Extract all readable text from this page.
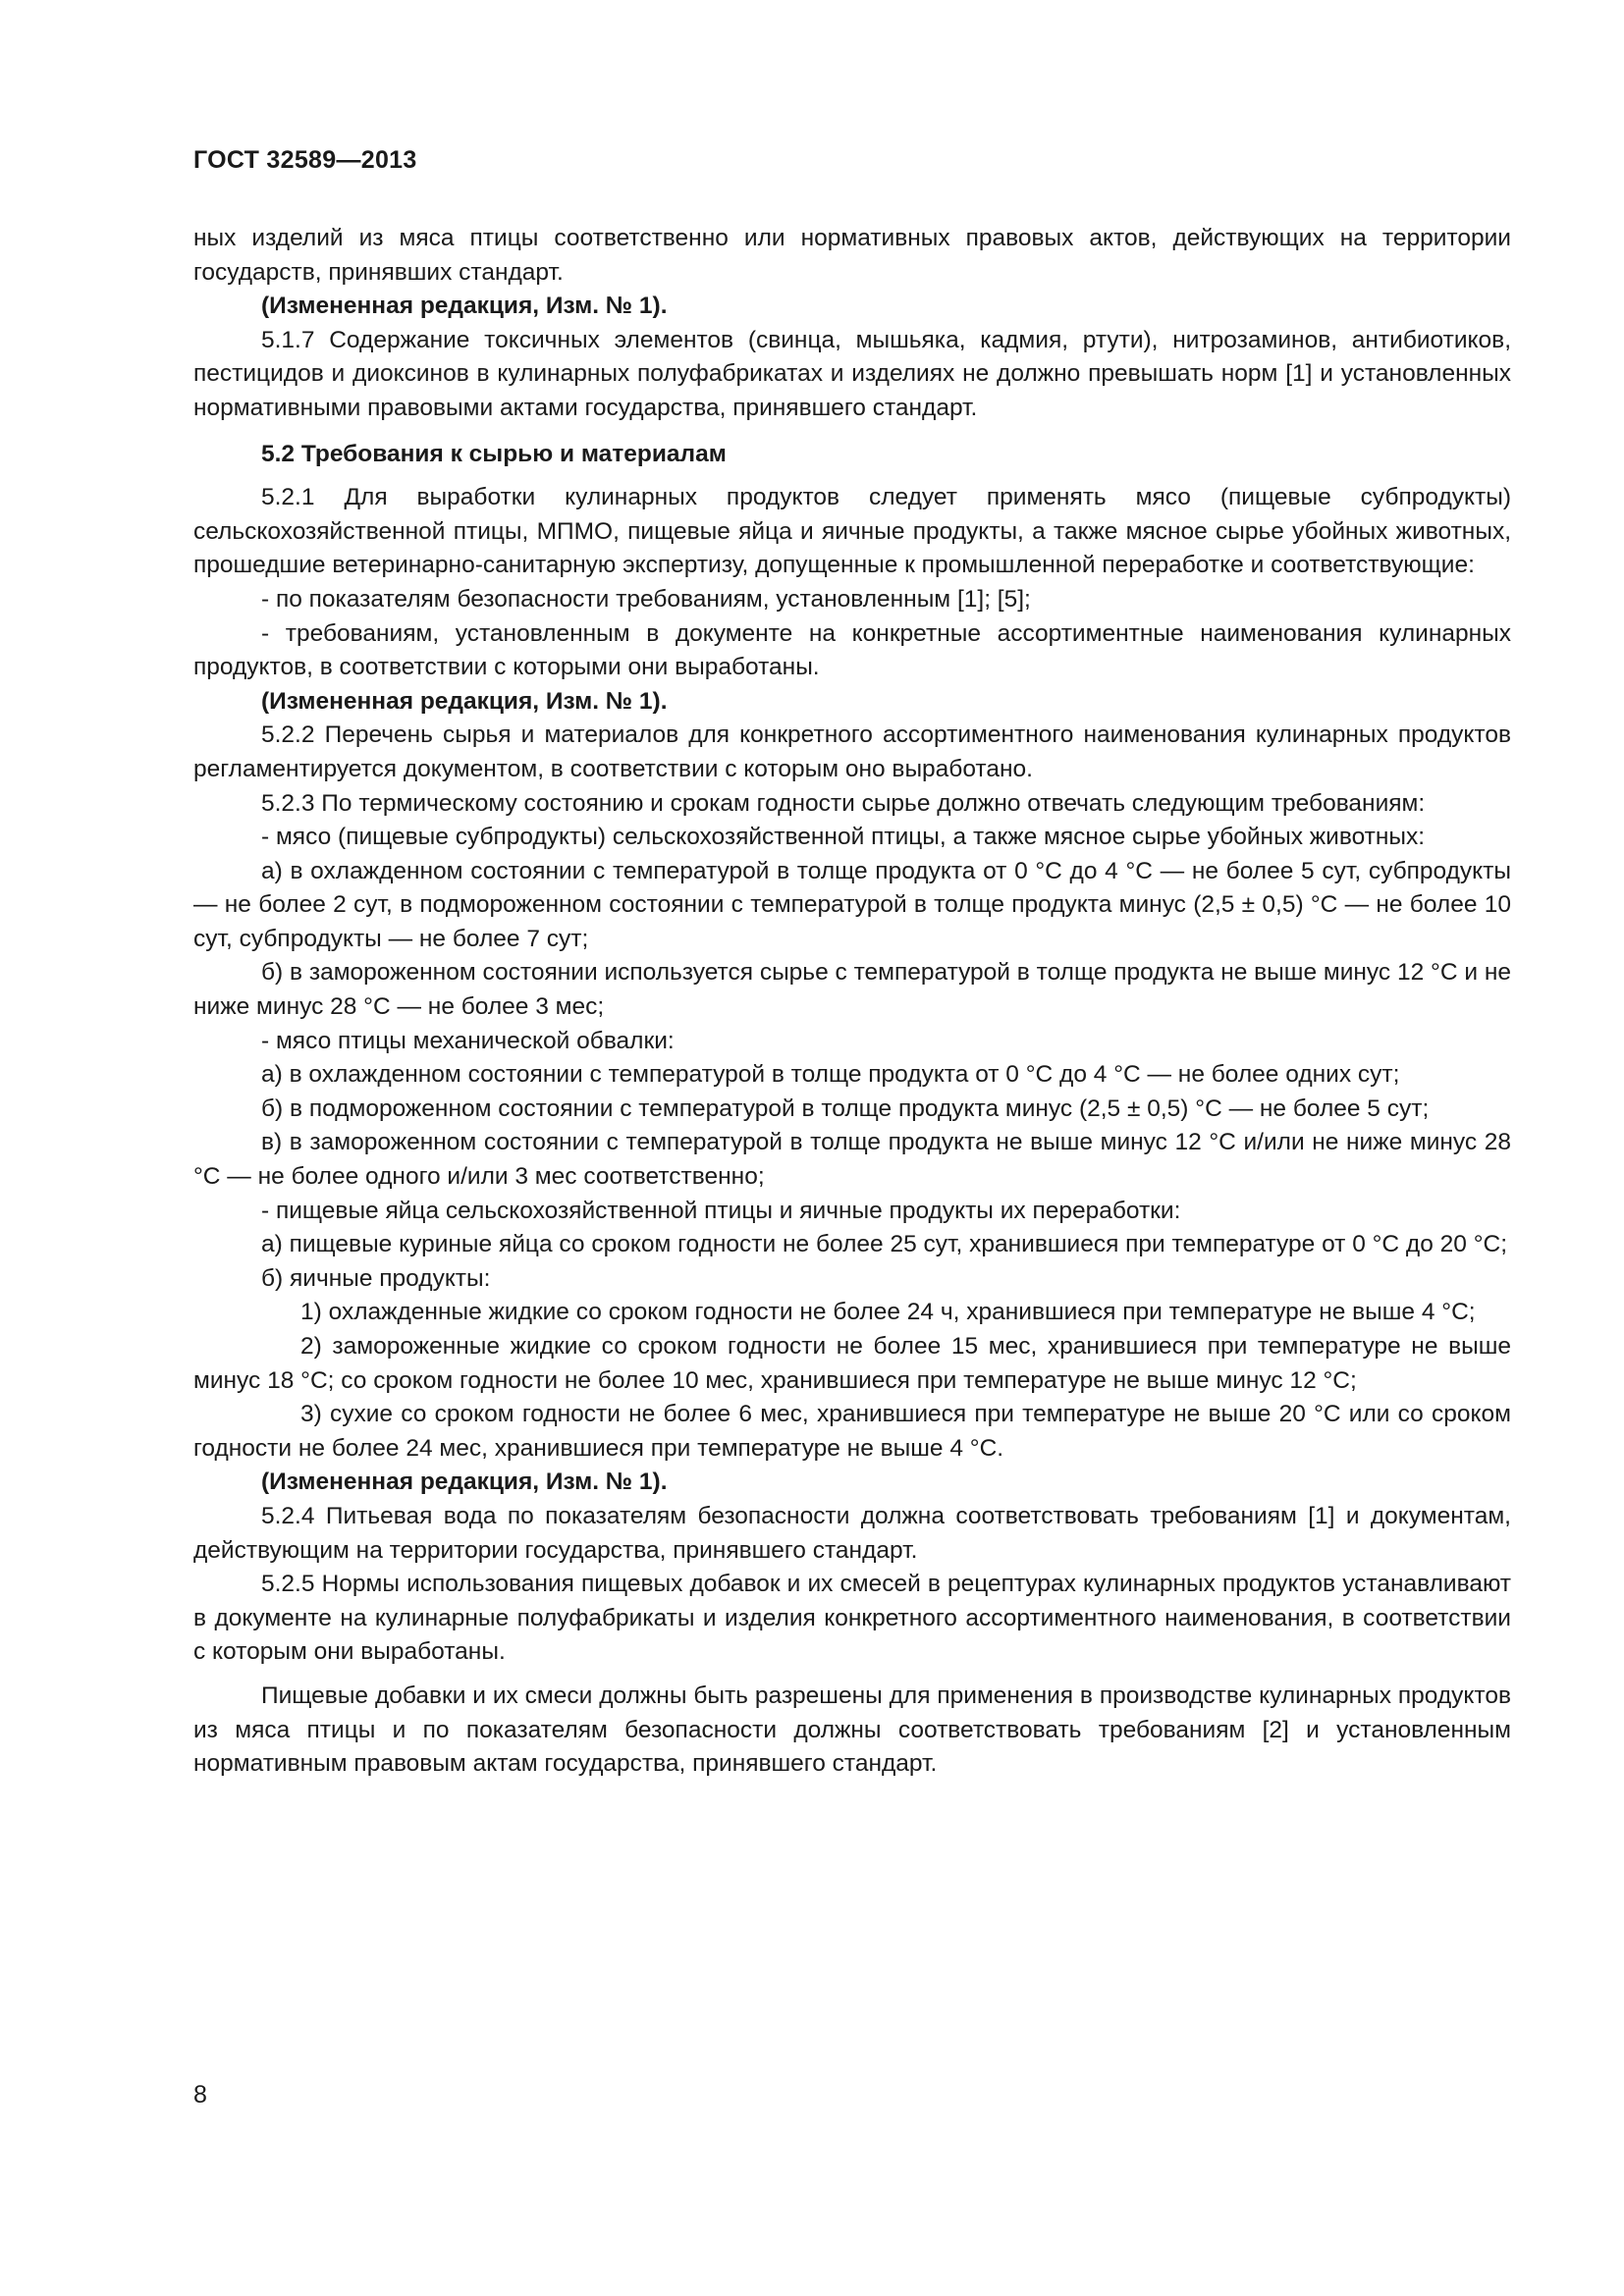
ГОСТ 32589—2013

ных изделий из мяса птицы соответственно или нормативных правовых актов, действующих на территории государств, принявших стандарт.

(Измененная редакция, Изм. № 1).

5.1.7 Содержание токсичных элементов (свинца, мышьяка, кадмия, ртути), нитрозаминов, антибиотиков, пестицидов и диоксинов в кулинарных полуфабрикатах и изделиях не должно превышать норм [1] и установленных нормативными правовыми актами государства, принявшего стандарт.

5.2 Требования к сырью и материалам

5.2.1 Для выработки кулинарных продуктов следует применять мясо (пищевые субпродукты) сельскохозяйственной птицы, МПМО, пищевые яйца и яичные продукты, а также мясное сырье убойных животных, прошедшие ветеринарно-санитарную экспертизу, допущенные к промышленной переработке и соответствующие:

- по показателям безопасности требованиям, установленным [1]; [5];

- требованиям, установленным в документе на конкретные ассортиментные наименования кулинарных продуктов, в соответствии с которыми они выработаны.

(Измененная редакция, Изм. № 1).

5.2.2 Перечень сырья и материалов для конкретного ассортиментного наименования кулинарных продуктов регламентируется документом, в соответствии с которым оно выработано.

5.2.3 По термическому состоянию и срокам годности сырье должно отвечать следующим требованиям:

- мясо (пищевые субпродукты) сельскохозяйственной птицы, а также мясное сырье убойных животных:

а) в охлажденном состоянии с температурой в толще продукта от 0 °С до 4 °С — не более 5 сут, субпродукты — не более 2 сут, в подмороженном состоянии с температурой в толще продукта минус (2,5 ± 0,5) °С — не более 10 сут, субпродукты — не более 7 сут;

б) в замороженном состоянии используется сырье с температурой в толще продукта не выше минус 12 °С и не ниже минус 28 °С — не более 3 мес;

- мясо птицы механической обвалки:

а) в охлажденном состоянии с температурой в толще продукта от 0 °С до 4 °С — не более одних сут;

б) в подмороженном состоянии с температурой в толще продукта минус (2,5 ± 0,5) °С — не более 5 сут;

в) в замороженном состоянии с температурой в толще продукта не выше минус 12 °С и/или не ниже минус 28 °С — не более одного и/или 3 мес соответственно;

- пищевые яйца сельскохозяйственной птицы и яичные продукты их переработки:

а) пищевые куриные яйца со сроком годности не более 25 сут, хранившиеся при температуре от 0 °С до 20 °С;

б) яичные продукты:

1) охлажденные жидкие со сроком годности не более 24 ч, хранившиеся при температуре не выше 4 °С;

2) замороженные жидкие со сроком годности не более 15 мес, хранившиеся при температуре не выше минус 18 °С; со сроком годности не более 10 мес, хранившиеся при температуре не выше минус 12 °С;

3) сухие со сроком годности не более 6 мес, хранившиеся при температуре не выше 20 °С или со сроком годности не более 24 мес, хранившиеся при температуре не выше 4 °С.

(Измененная редакция, Изм. № 1).

5.2.4 Питьевая вода по показателям безопасности должна соответствовать требованиям [1] и документам, действующим на территории государства, принявшего стандарт.

5.2.5 Нормы использования пищевых добавок и их смесей в рецептурах кулинарных продуктов устанавливают в документе на кулинарные полуфабрикаты и изделия конкретного ассортиментного наименования, в соответствии с которым они выработаны.

Пищевые добавки и их смеси должны быть разрешены для применения в производстве кулинарных продуктов из мяса птицы и по показателям безопасности должны соответствовать требованиям [2] и установленным нормативным правовым актам государства, принявшего стандарт.

8
